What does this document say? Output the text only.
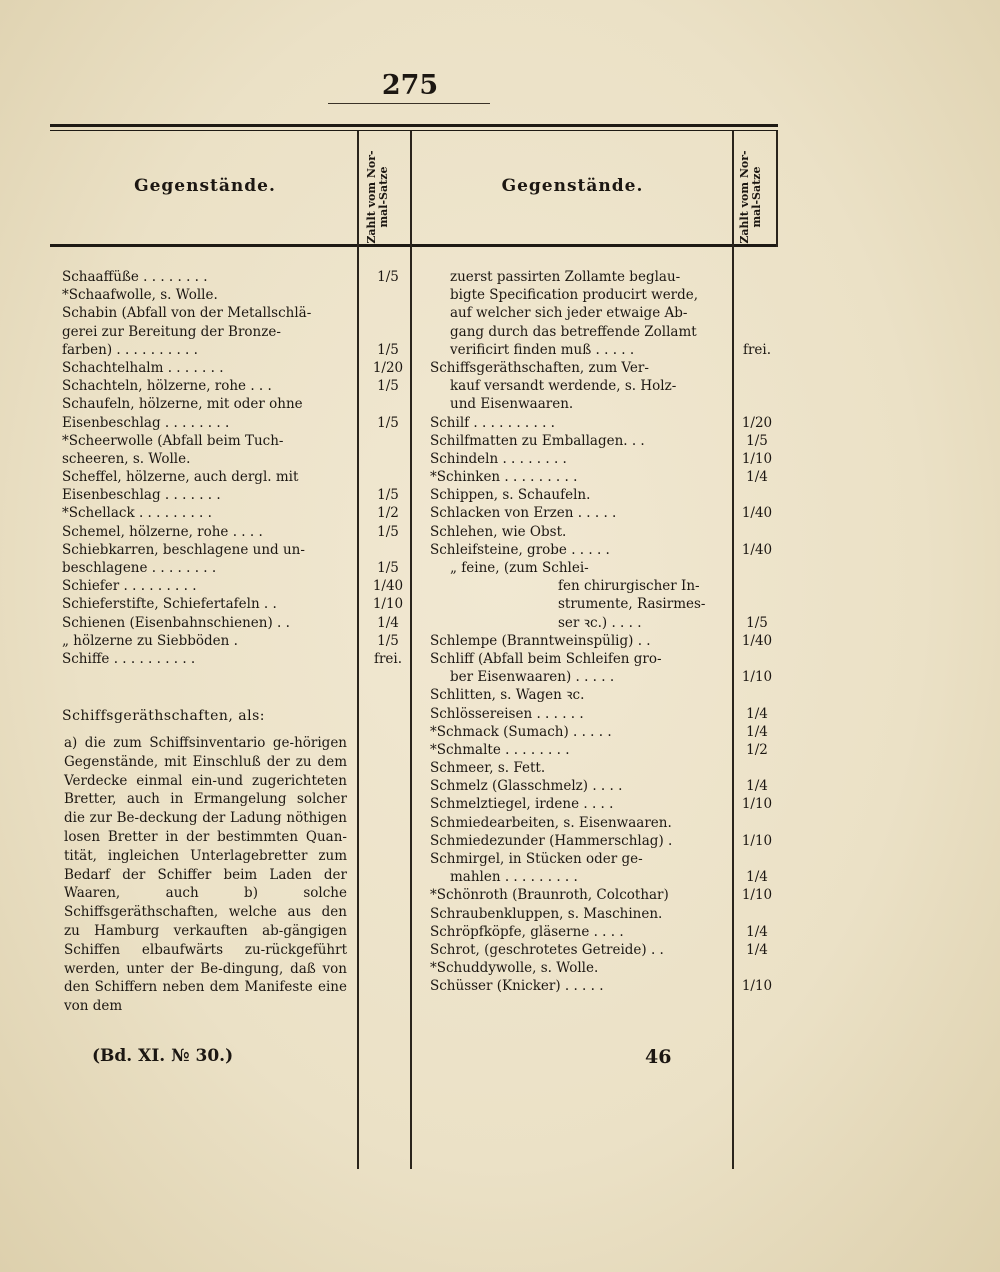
275
Gegenstände.	Zahlt vom Nor-mal-Satze	Gegenstände.	Zahlt vom Nor-mal-Satze
Schaaffüße . . . . . . . .	1/5
*Schaafwolle, s. Wolle.
Schabin (Abfall von der Metallschlä-
gerei zur Bereitung der Bronze-
farben) . . . . . . . . . .	1/5
Schachtelhalm . . . . . . .	1/20
Schachteln, hölzerne, rohe . . .	1/5
Schaufeln, hölzerne, mit oder ohne
Eisenbeschlag . . . . . . . .	1/5
*Scheerwolle (Abfall beim Tuch-
scheeren, s. Wolle.
Scheffel, hölzerne, auch dergl. mit
Eisenbeschlag . . . . . . .	1/5
*Schellack . . . . . . . . .	1/2
Schemel, hölzerne, rohe . . . .	1/5
Schiebkarren, beschlagene und un-
beschlagene . . . . . . . .	1/5
Schiefer . . . . . . . . .	1/40
Schieferstifte, Schiefertafeln . .	1/10
Schienen (Eisenbahnschienen) . .	1/4
„ hölzerne zu Siebböden .	1/5
Schiffe . . . . . . . . . .	frei.
Schiffsgeräthschaften, als:
a) die zum Schiffsinventario ge-hörigen Gegenstände, mit Einschluß der zu dem Verdecke einmal ein-und zugerichteten Bretter, auch in Ermangelung solcher die zur Be-deckung der Ladung nöthigen losen Bretter in der bestimmten Quan-tität, ingleichen Unterlagebretter zum Bedarf der Schiffer beim Laden der Waaren, auch b) solche Schiffsgeräthschaften, welche aus den zu Hamburg verkauften ab-gängigen Schiffen elbaufwärts zu-rückgeführt werden, unter der Be-dingung, daß von den Schiffern neben dem Manifeste eine von dem
zuerst passirten Zollamte beglau-
bigte Specification producirt werde,
auf welcher sich jeder etwaige Ab-
gang durch das betreffende Zollamt
verificirt finden muß . . . . .	frei.
Schiffsgeräthschaften, zum Ver-
kauf versandt werdende, s. Holz-
und Eisenwaaren.
Schilf . . . . . . . . . .	1/20
Schilfmatten zu Emballagen. . .	1/5
Schindeln . . . . . . . .	1/10
*Schinken . . . . . . . . .	1/4
Schippen, s. Schaufeln.
Schlacken von Erzen . . . . .	1/40
Schlehen, wie Obst.
Schleifsteine, grobe . . . . .	1/40
„ feine, (zum Schlei-
fen chirurgischer In-
strumente, Rasirmes-
ser ꝛc.) . . . .	1/5
Schlempe (Branntweinspülig) . .	1/40
Schliff (Abfall beim Schleifen gro-
ber Eisenwaaren) . . . . .	1/10
Schlitten, s. Wagen ꝛc.
Schlössereisen . . . . . .	1/4
*Schmack (Sumach) . . . . .	1/4
*Schmalte . . . . . . . .	1/2
Schmeer, s. Fett.
Schmelz (Glasschmelz) . . . .	1/4
Schmelztiegel, irdene . . . .	1/10
Schmiedearbeiten, s. Eisenwaaren.
Schmiedezunder (Hammerschlag) .	1/10
Schmirgel, in Stücken oder ge-
mahlen . . . . . . . . .	1/4
*Schönroth (Braunroth, Colcothar)	1/10
Schraubenkluppen, s. Maschinen.
Schröpfköpfe, gläserne . . . .	1/4
Schrot, (geschrotetes Getreide) . .	1/4
*Schuddywolle, s. Wolle.
Schüsser (Knicker) . . . . .	1/10
(Bd. XI. № 30.)	46
